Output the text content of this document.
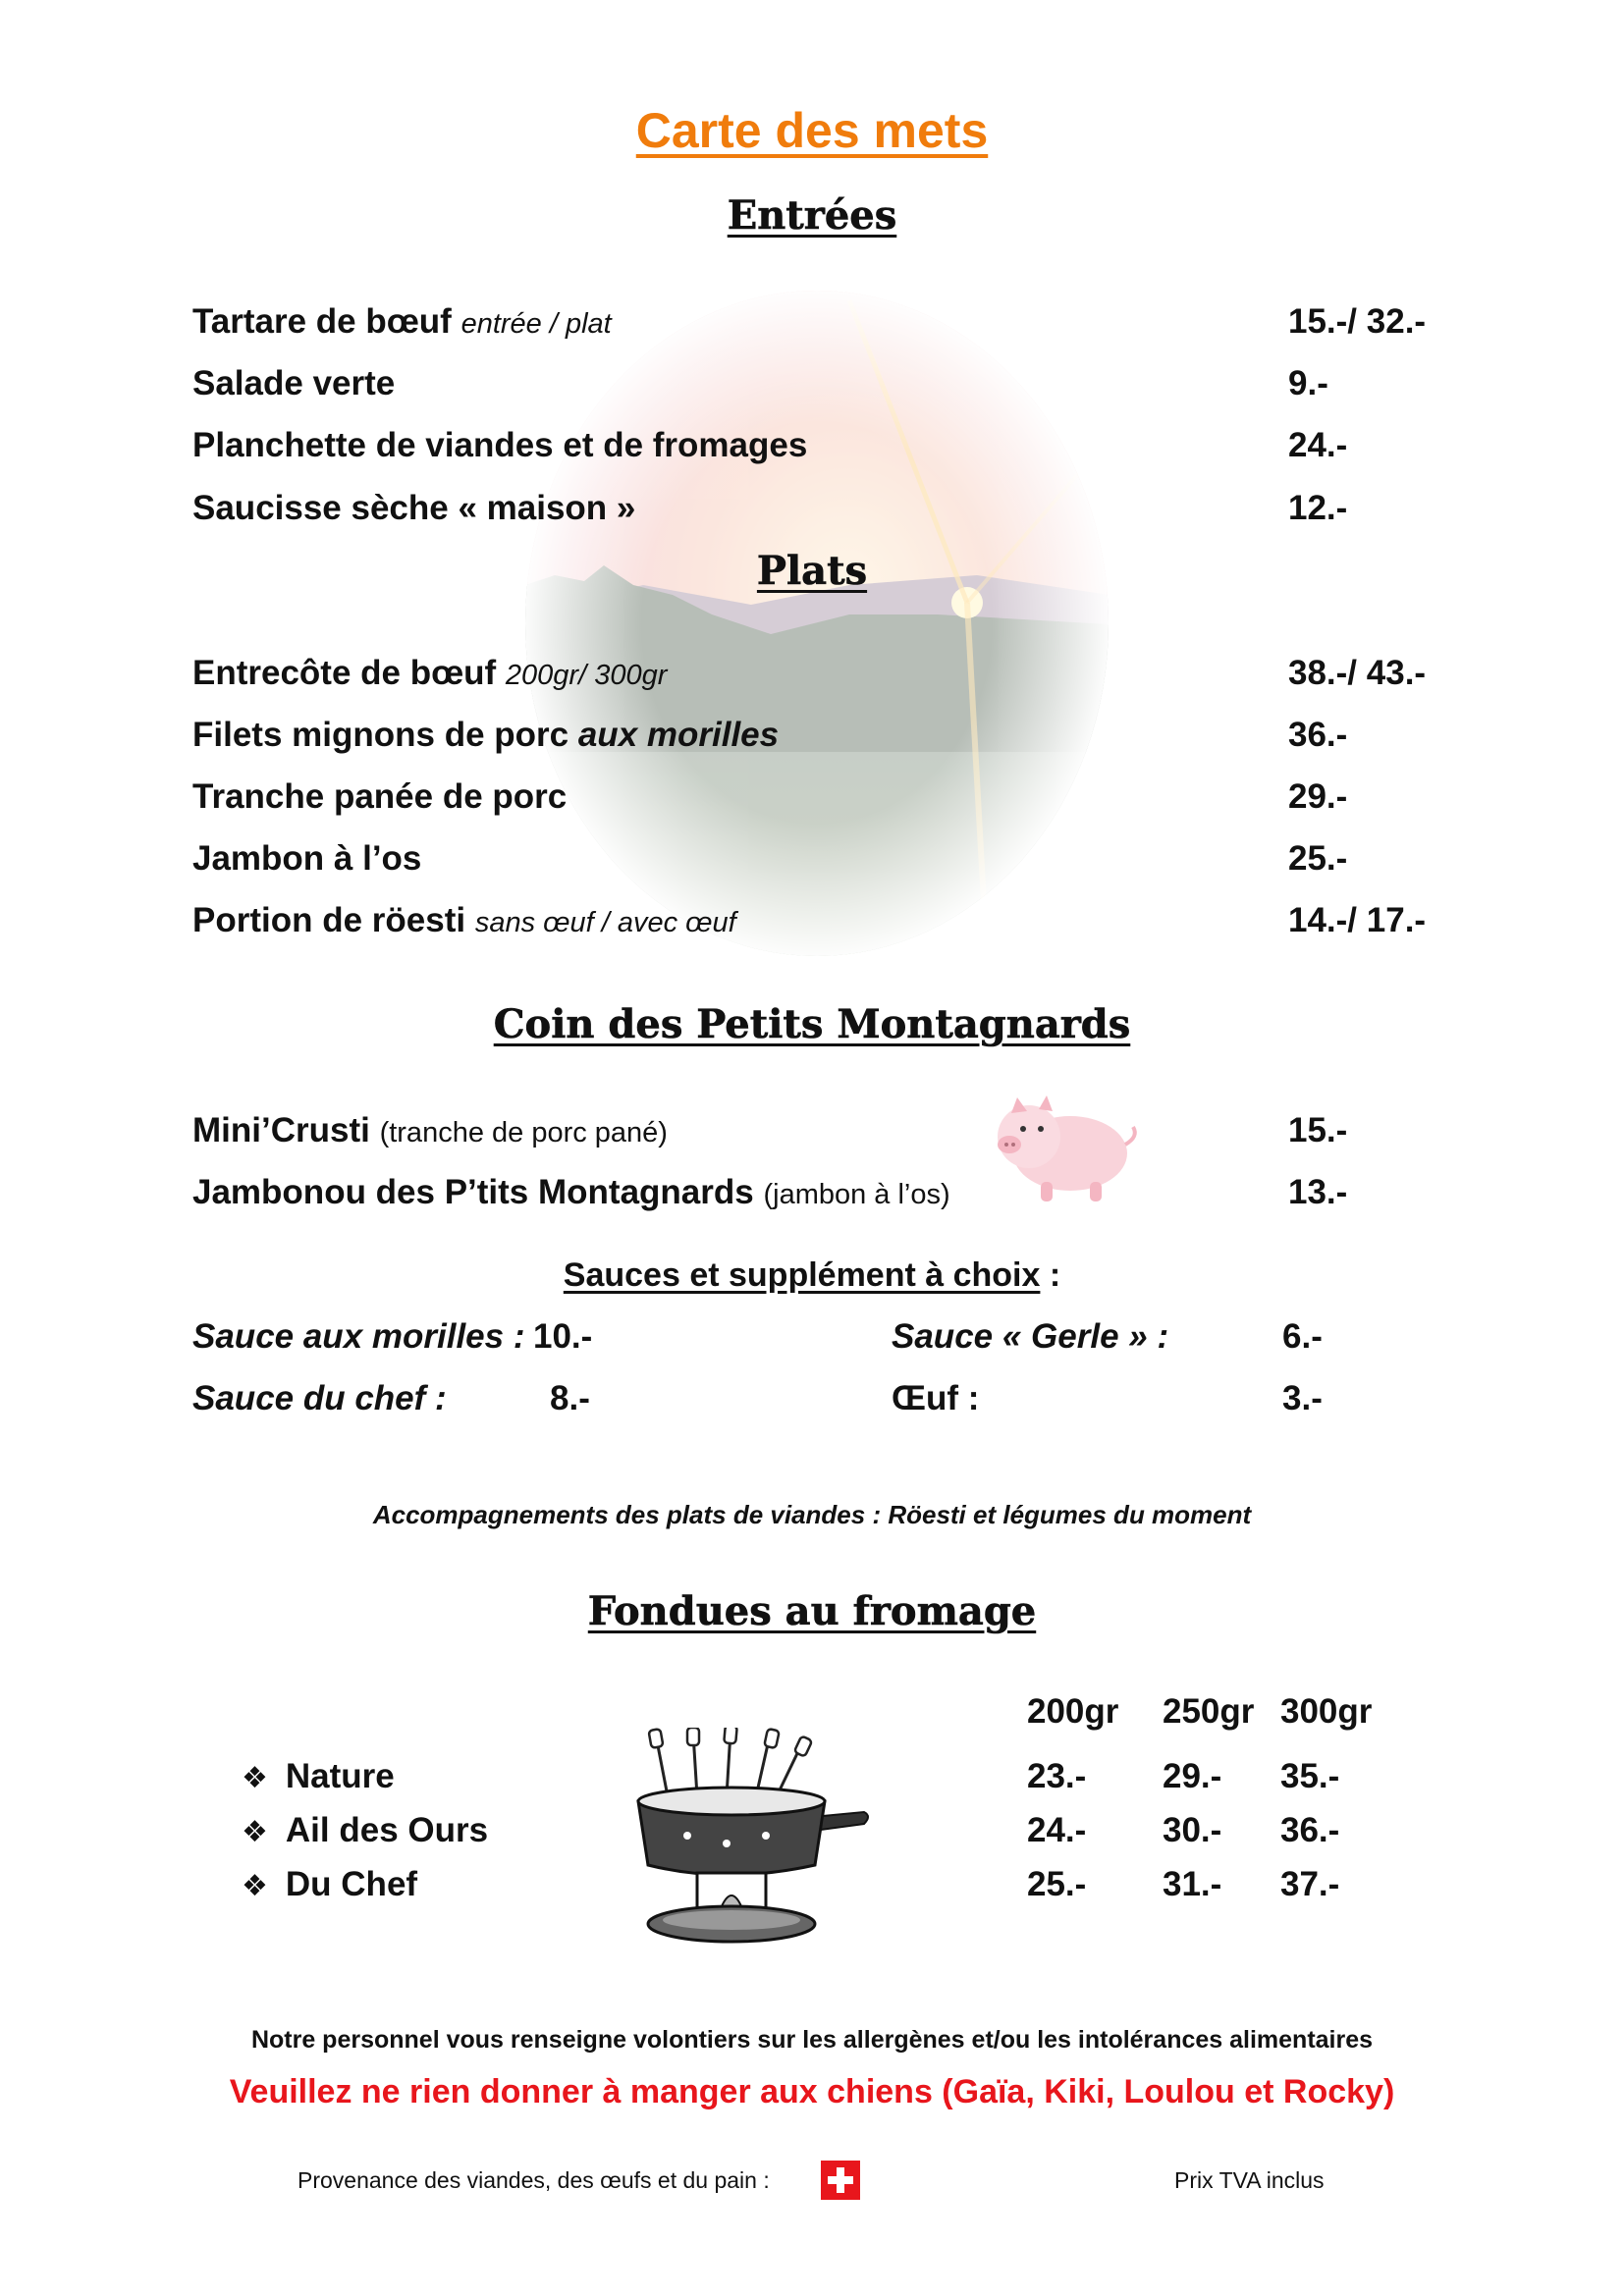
Carte des mets
Entrées
Tartare de bœuf entrée / plat	15.-/ 32.-
Salade verte	9.-
Planchette de viandes et de fromages	24.-
Saucisse sèche « maison »	12.-
Plats
Entrecôte de bœuf 200gr/ 300gr	38.-/ 43.-
Filets mignons de porc aux morilles	36.-
Tranche panée de porc	29.-
Jambon à l’os	25.-
Portion de röesti sans œuf / avec œuf	14.-/ 17.-
Coin des Petits Montagnards
Mini’Crusti (tranche de porc pané)	15.-
Jambonou des P’tits Montagnards (jambon à l’os)	13.-
Sauces et supplément à choix :
Sauce aux morilles : 10.-	Sauce « Gerle » :	6.-
Sauce du chef :	8.-	Œuf :	3.-
Accompagnements des plats de viandes : Röesti et légumes du moment
Fondues au fromage
200gr 250gr 300gr
❖ Nature	23.- 29.- 35.-
❖ Ail des Ours	24.- 30.- 36.-
❖ Du Chef	25.- 31.- 37.-
Notre personnel vous renseigne volontiers sur les allergènes et/ou les intolérances alimentaires
Veuillez ne rien donner à manger aux chiens (Gaïa, Kiki, Loulou et Rocky)
Provenance des viandes, des œufs et du pain :	Prix TVA inclus
